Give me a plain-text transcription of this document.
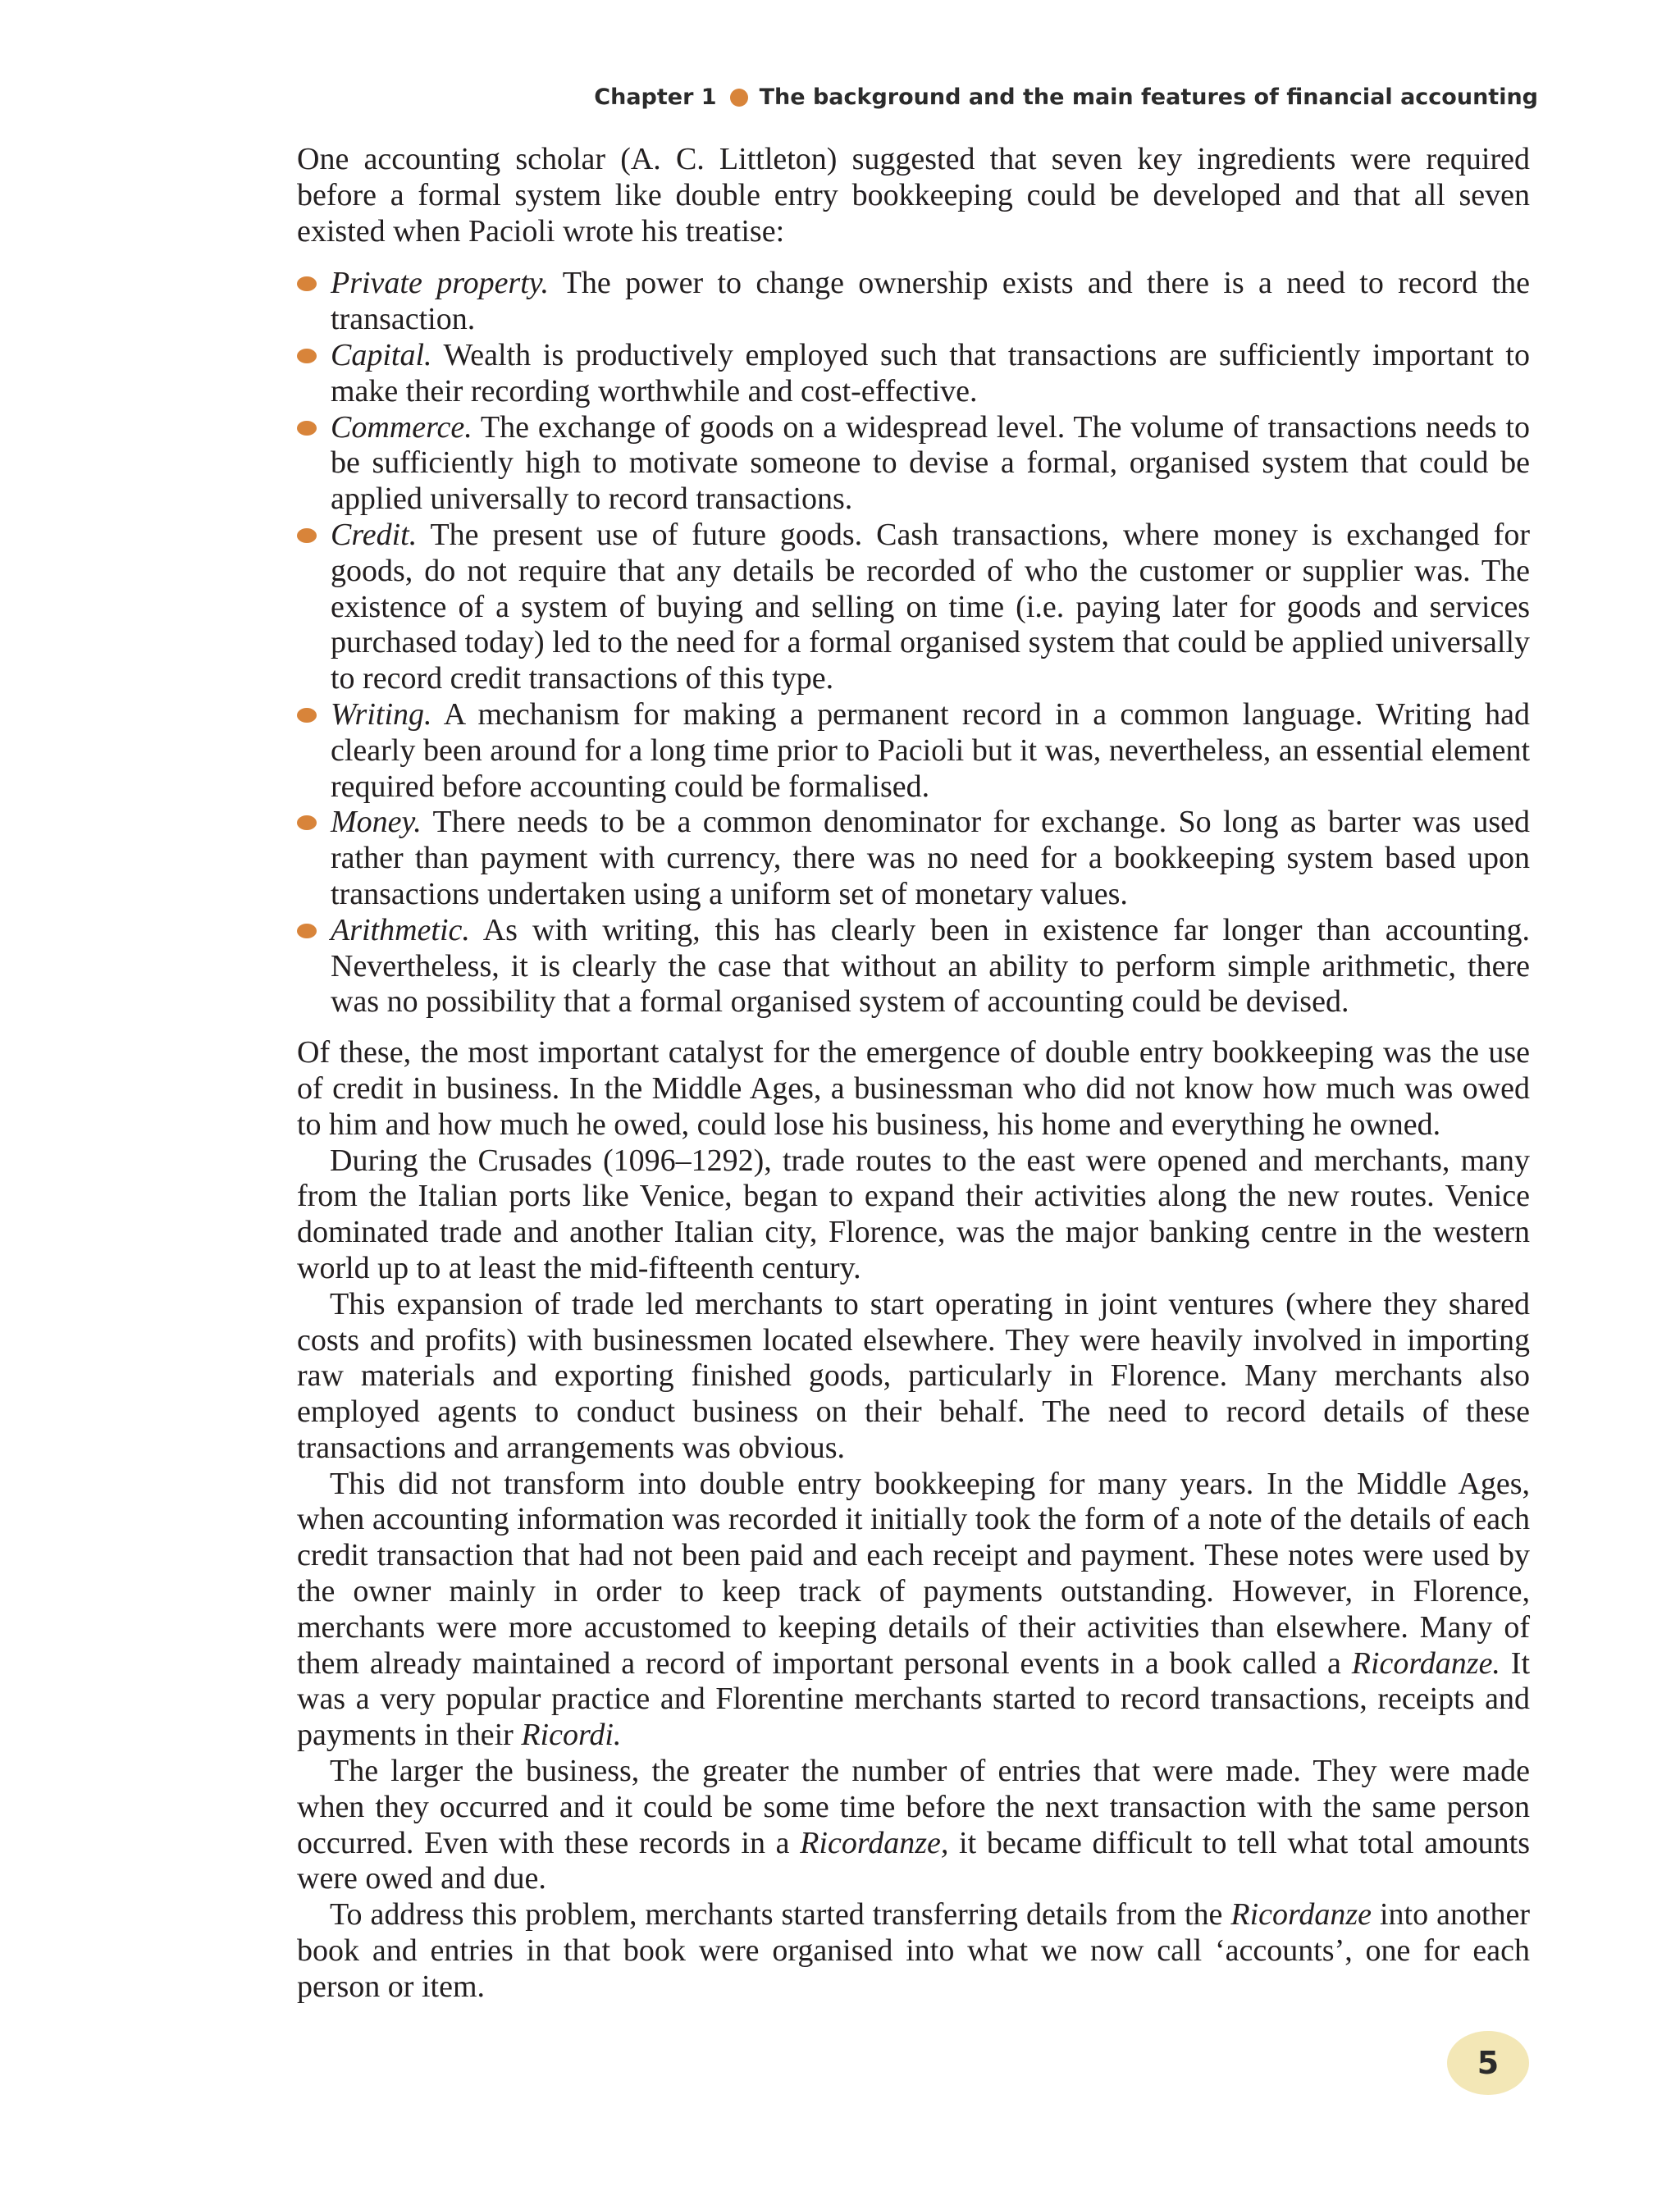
Chapter 1 The background and the main features of financial accounting

One accounting scholar (A. C. Littleton) suggested that seven key ingredients were required before a formal system like double entry bookkeeping could be developed and that all seven existed when Pacioli wrote his treatise:

Private property. The power to change ownership exists and there is a need to record the transaction.
Capital. Wealth is productively employed such that transactions are sufficiently important to make their recording worthwhile and cost-effective.
Commerce. The exchange of goods on a widespread level. The volume of transactions needs to be sufficiently high to motivate someone to devise a formal, organised system that could be applied universally to record transactions.
Credit. The present use of future goods. Cash transactions, where money is exchanged for goods, do not require that any details be recorded of who the customer or supplier was. The existence of a system of buying and selling on time (i.e. paying later for goods and services purchased today) led to the need for a formal organised system that could be applied universally to record credit transactions of this type.
Writing. A mechanism for making a permanent record in a common language. Writing had clearly been around for a long time prior to Pacioli but it was, nevertheless, an essential element required before accounting could be formalised.
Money. There needs to be a common denominator for exchange. So long as barter was used rather than payment with currency, there was no need for a bookkeeping system based upon transactions undertaken using a uniform set of monetary values.
Arithmetic. As with writing, this has clearly been in existence far longer than accounting. Nevertheless, it is clearly the case that without an ability to perform simple arithmetic, there was no possibility that a formal organised system of accounting could be devised.

Of these, the most important catalyst for the emergence of double entry bookkeeping was the use of credit in business. In the Middle Ages, a businessman who did not know how much was owed to him and how much he owed, could lose his business, his home and everything he owned.

During the Crusades (1096–1292), trade routes to the east were opened and merchants, many from the Italian ports like Venice, began to expand their activities along the new routes. Venice dominated trade and another Italian city, Florence, was the major banking centre in the western world up to at least the mid-fifteenth century.

This expansion of trade led merchants to start operating in joint ventures (where they shared costs and profits) with businessmen located elsewhere. They were heavily involved in importing raw materials and exporting finished goods, particularly in Florence. Many merchants also employed agents to conduct business on their behalf. The need to record details of these transactions and arrangements was obvious.

This did not transform into double entry bookkeeping for many years. In the Middle Ages, when accounting information was recorded it initially took the form of a note of the details of each credit transaction that had not been paid and each receipt and payment. These notes were used by the owner mainly in order to keep track of payments outstanding. However, in Florence, merchants were more accustomed to keeping details of their activities than elsewhere. Many of them already maintained a record of important personal events in a book called a Ricordanze. It was a very popular practice and Florentine merchants started to record transactions, receipts and payments in their Ricordi.

The larger the business, the greater the number of entries that were made. They were made when they occurred and it could be some time before the next transaction with the same person occurred. Even with these records in a Ricordanze, it became difficult to tell what total amounts were owed and due.

To address this problem, merchants started transferring details from the Ricordanze into another book and entries in that book were organised into what we now call ‘accounts’, one for each person or item.

5
